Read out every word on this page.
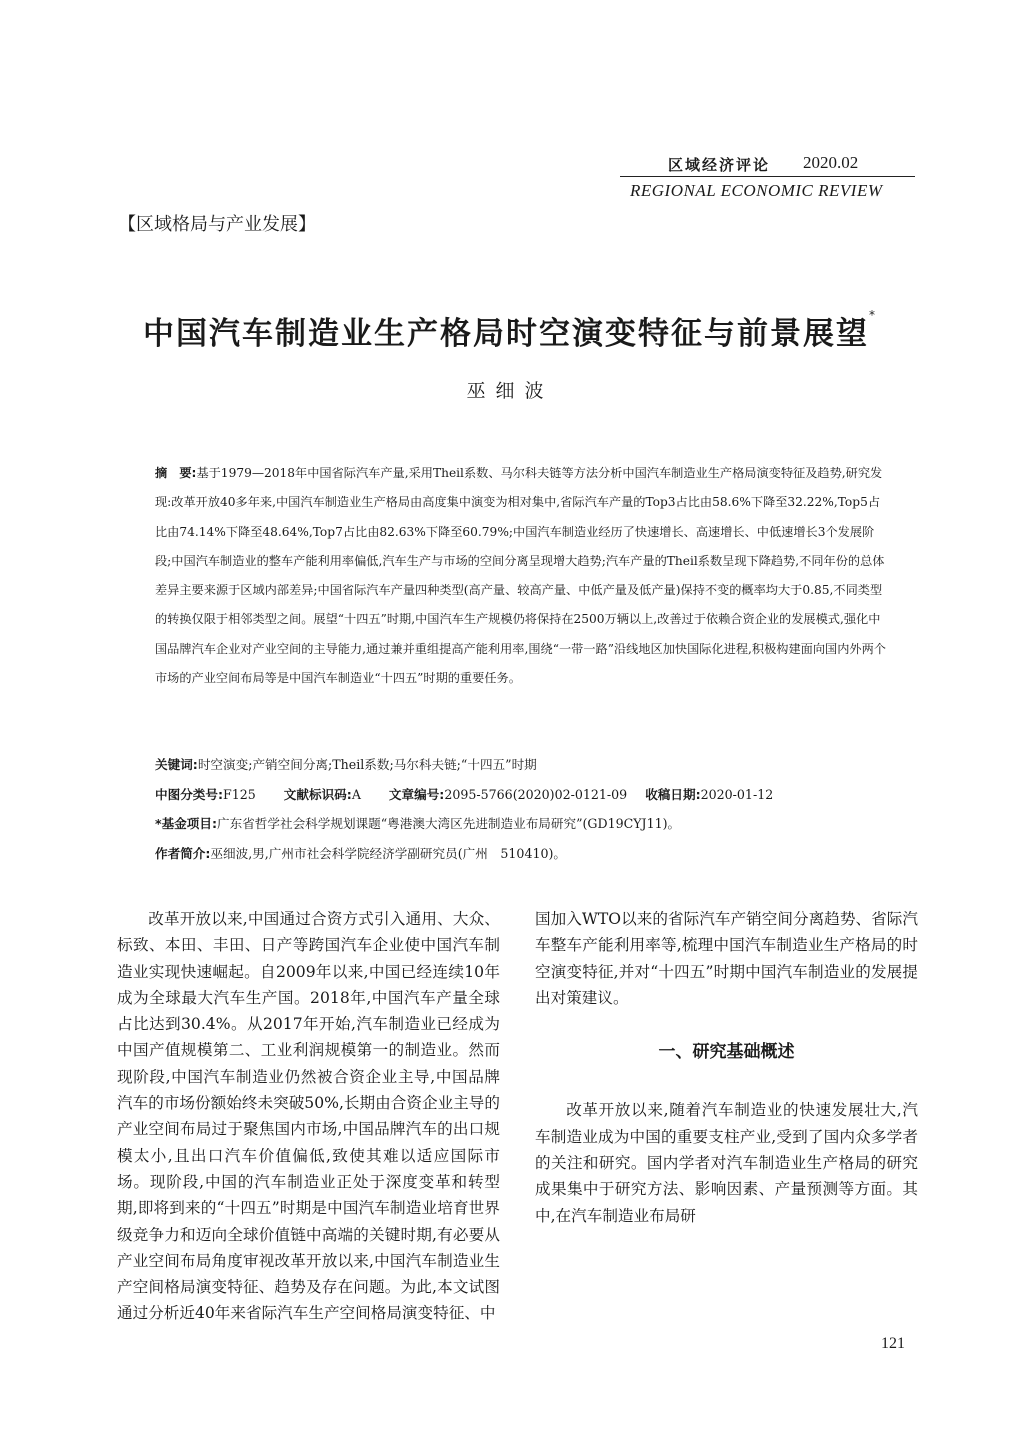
区域经济评论 2020.02
REGIONAL ECONOMIC REVIEW
【区域格局与产业发展】
中国汽车制造业生产格局时空演变特征与前景展望*
巫细波

摘　要:基于1979—2018年中国省际汽车产量,采用Theil系数、马尔科夫链等方法分析中国汽车制造业生产格局演变特征及趋势,研究发现:改革开放40多年来,中国汽车制造业生产格局由高度集中演变为相对集中,省际汽车产量的Top3占比由58.6%下降至32.22%,Top5占比由74.14%下降至48.64%,Top7占比由82.63%下降至60.79%;中国汽车制造业经历了快速增长、高速增长、中低速增长3个发展阶段;中国汽车制造业的整车产能利用率偏低,汽车生产与市场的空间分离呈现增大趋势;汽车产量的Theil系数呈现下降趋势,不同年份的总体差异主要来源于区域内部差异;中国省际汽车产量四种类型(高产量、较高产量、中低产量及低产量)保持不变的概率均大于0.85,不同类型的转换仅限于相邻类型之间。展望“十四五”时期,中国汽车生产规模仍将保持在2500万辆以上,改善过于依赖合资企业的发展模式,强化中国品牌汽车企业对产业空间的主导能力,通过兼并重组提高产能利用率,围绕“一带一路”沿线地区加快国际化进程,积极构建面向国内外两个市场的产业空间布局等是中国汽车制造业“十四五”时期的重要任务。

关键词:时空演变;产销空间分离;Theil系数;马尔科夫链;“十四五”时期
中图分类号:F125 文献标识码:A 文章编号:2095-5766(2020)02-0121-09 收稿日期:2020-01-12
*基金项目:广东省哲学社会科学规划课题“粤港澳大湾区先进制造业布局研究”(GD19CYJ11)。
作者简介:巫细波,男,广州市社会科学院经济学副研究员(广州　510410)。

改革开放以来,中国通过合资方式引入通用、大众、标致、本田、丰田、日产等跨国汽车企业使中国汽车制造业实现快速崛起。自2009年以来,中国已经连续10年成为全球最大汽车生产国。2018年,中国汽车产量全球占比达到30.4%。从2017年开始,汽车制造业已经成为中国产值规模第二、工业利润规模第一的制造业。然而现阶段,中国汽车制造业仍然被合资企业主导,中国品牌汽车的市场份额始终未突破50%,长期由合资企业主导的产业空间布局过于聚焦国内市场,中国品牌汽车的出口规模太小,且出口汽车价值偏低,致使其难以适应国际市场。现阶段,中国的汽车制造业正处于深度变革和转型期,即将到来的“十四五”时期是中国汽车制造业培育世界级竞争力和迈向全球价值链中高端的关键时期,有必要从产业空间布局角度审视改革开放以来,中国汽车制造业生产空间格局演变特征、趋势及存在问题。为此,本文试图通过分析近40年来省际汽车生产空间格局演变特征、中

国加入WTO以来的省际汽车产销空间分离趋势、省际汽车整车产能利用率等,梳理中国汽车制造业生产格局的时空演变特征,并对“十四五”时期中国汽车制造业的发展提出对策建议。

一、研究基础概述

改革开放以来,随着汽车制造业的快速发展壮大,汽车制造业成为中国的重要支柱产业,受到了国内众多学者的关注和研究。国内学者对汽车制造业生产格局的研究成果集中于研究方法、影响因素、产量预测等方面。其中,在汽车制造业布局研

121
